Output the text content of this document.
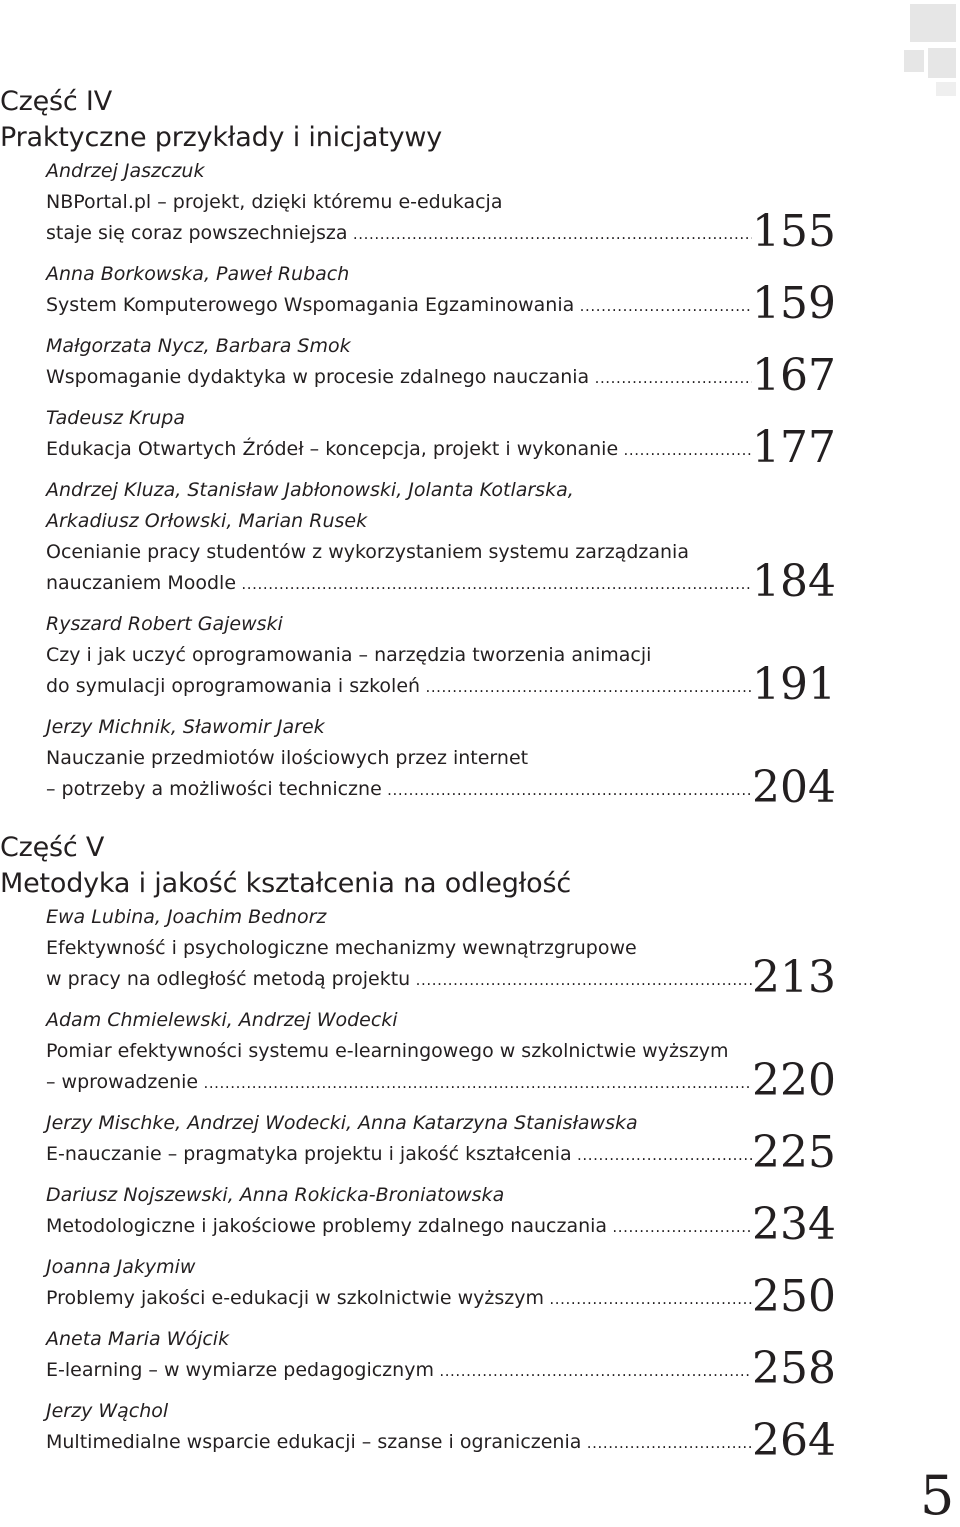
Część IV
Praktyczne przykłady i inicjatywy
Andrzej Jaszczuk
NBPortal.pl – projekt, dzięki któremu e-edukacja
staje się coraz powszechniejsza .....	155
Anna Borkowska, Paweł Rubach
System Komputerowego Wspomagania Egzaminowania .....	159
Małgorzata Nycz, Barbara Smok
Wspomaganie dydaktyka w procesie zdalnego nauczania .....	167
Tadeusz Krupa
Edukacja Otwartych Źródeł – koncepcja, projekt i wykonanie .....	177
Andrzej Kluza, Stanisław Jabłonowski, Jolanta Kotlarska,
Arkadiusz Orłowski, Marian Rusek
Ocenianie pracy studentów z wykorzystaniem systemu zarządzania
nauczaniem Moodle .....	184
Ryszard Robert Gajewski
Czy i jak uczyć oprogramowania – narzędzia tworzenia animacji
do symulacji oprogramowania i szkoleń .....	191
Jerzy Michnik, Sławomir Jarek
Nauczanie przedmiotów ilościowych przez internet
– potrzeby a możliwości techniczne .....	204
Część V
Metodyka i jakość kształcenia na odległość
Ewa Lubina, Joachim Bednorz
Efektywność i psychologiczne mechanizmy wewnątrzgrupowe
w pracy na odległość metodą projektu .....	213
Adam Chmielewski, Andrzej Wodecki
Pomiar efektywności systemu e-learningowego w szkolnictwie wyższym
– wprowadzenie .....	220
Jerzy Mischke, Andrzej Wodecki, Anna Katarzyna Stanisławska
E-nauczanie – pragmatyka projektu i jakość kształcenia .....	225
Dariusz Nojszewski, Anna Rokicka-Broniatowska
Metodologiczne i jakościowe problemy zdalnego nauczania .....	234
Joanna Jakymiw
Problemy jakości e-edukacji w szkolnictwie wyższym .....	250
Aneta Maria Wójcik
E-learning – w wymiarze pedagogicznym .....	258
Jerzy Wąchol
Multimedialne wsparcie edukacji – szanse i ograniczenia .....	264
5
